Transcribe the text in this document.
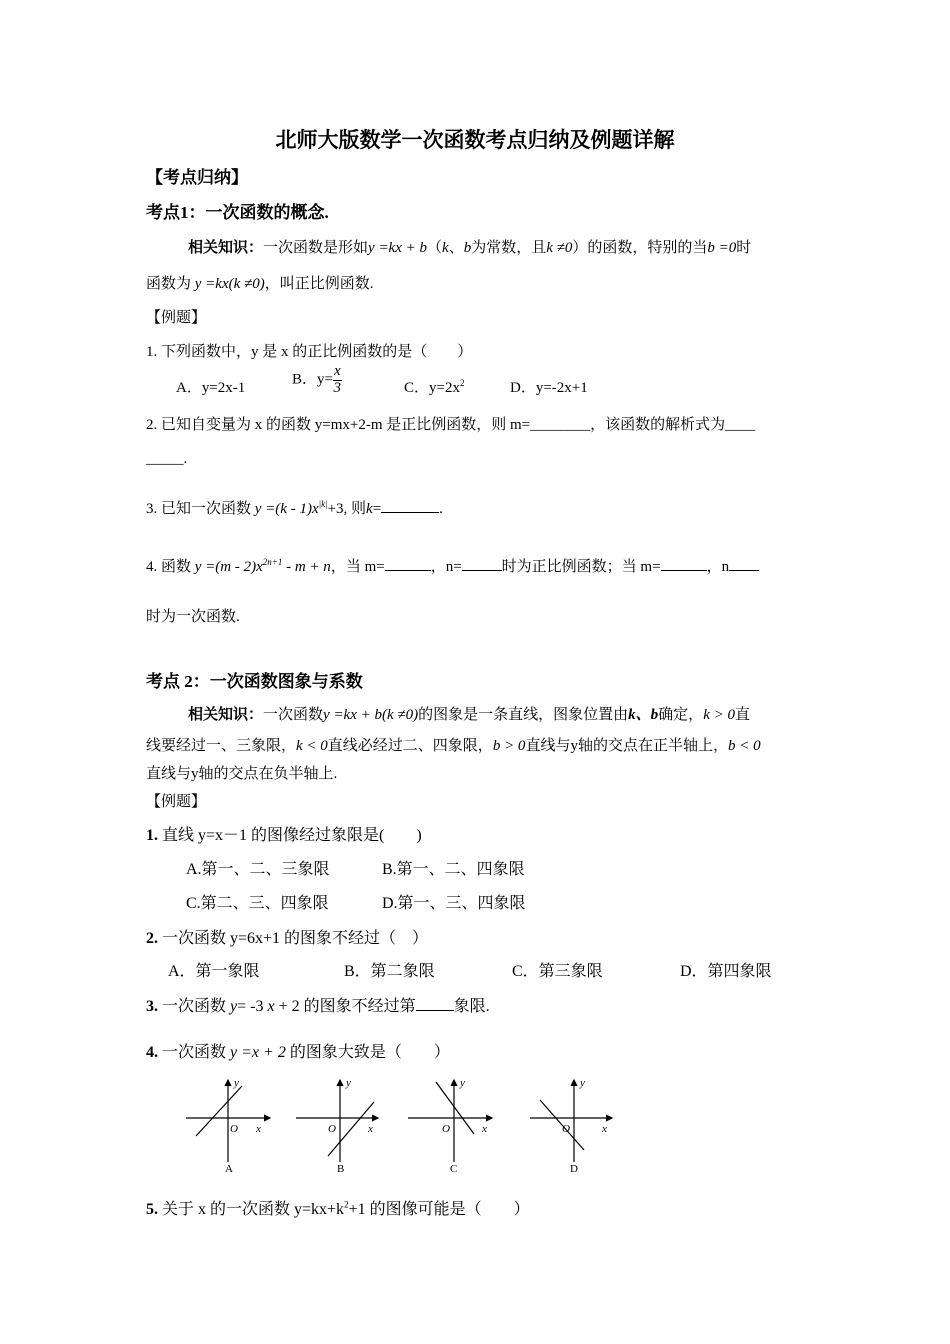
北师大版数学一次函数考点归纳及例题详解
【考点归纳】
考点1：一次函数的概念.
相关知识：一次函数是形如y =kx + b（k、b为常数，且k ≠0）的函数，特别的当b =0时
函数为 y =kx(k ≠0)，叫正比例函数.
【例题】
1. 下列函数中，y 是 x 的正比例函数的是（　　）
A．y=2x-1
B．$y= \frac{x}{3}$	C．$y=2x^2$	D．y=-2x+1
2. 已知自变量为 x 的函数 y=mx+2-m 是正比例函数，则 m=________，该函数的解析式为____
_____.
3. 已知一次函数 $y =(k - 1)x^{|k|}+3$, 则k=	.
4. 函数 $y =(m - 2)x^{2n+1} - m + n$，当 m=	，n=	时为正比例函数；当 m=	，n
时为一次函数.
考点 2：一次函数图象与系数
相关知识：一次函数y =kx + b(k ≠0)的图象是一条直线，图象位置由k、b确定，k > 0直
线要经过一、三象限，k < 0直线必经过二、四象限，b > 0直线与y轴的交点在正半轴上，b < 0
直线与y轴的交点在负半轴上.
【例题】
1. 直线 y=x－1 的图像经过象限是(　　)
A.第一、二、三象限	B.第一、二、四象限
C.第二、三、四象限	D.第一、三、四象限
2. 一次函数 y=6x+1 的图象不经过（　）
A．第一象限	B．第二象限	C．第三象限	D．第四象限
3. 一次函数 y= -3 x + 2 的图象不经过第 象限.
4. 一次函数 y =x + 2 的图象大致是（　　）
y
x
O
A
y
x
O
B
y
x
O
C
y
x
O
D
5. 关于 x 的一次函数 $y=kx+k^2+1$ 的图像可能是（　　）
